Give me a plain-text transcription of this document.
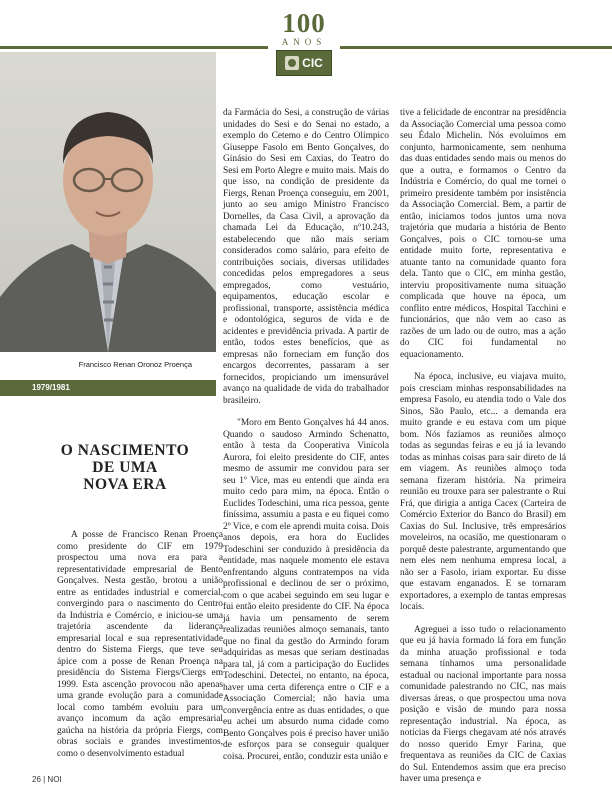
100
ANOS
CIC
Francisco Renan Oronoz Proença
1979/1981
O NASCIMENTO
DE UMA
NOVA ERA

A posse de Francisco Renan Proença como presidente do CIF em 1979 prospectou uma nova era para a representatividade empresarial de Bento Gonçalves. Nesta gestão, brotou a união entre as entidades industrial e comercial, convergindo para o nascimento do Centro da Indústria e Comércio, e iniciou-se uma trajetória ascendente da liderança empresarial local e sua representatividade dentro do Sistema Fiergs, que teve seu ápice com a posse de Renan Proença na presidência do Sistema Fiergs/Ciergs em 1999. Esta ascenção provocou não apenas uma grande evolução para a comunidade local como também evoluiu para um avanço incomum da ação empresarial gaúcha na história da própria Fiergs, com obras sociais e grandes investimentos, como o desenvolvimento estadual

da Farmácia do Sesi, a construção de várias unidades do Sesi e do Senai no estado, a exemplo do Cetemo e do Centro Olímpico Giuseppe Fasolo em Bento Gonçalves, do Ginásio do Sesi em Caxias, do Teatro do Sesi em Porto Alegre e muito mais. Mais do que isso, na condição de presidente da Fiergs, Renan Proença conseguiu, em 2001, junto ao seu amigo Ministro Francisco Dornelles, da Casa Civil, a aprovação da chamada Lei da Educação, nº10.243, estabelecendo que não mais seriam considerados como salário, para efeito de contribuições sociais, diversas utilidades concedidas pelos empregadores a seus empregados, como vestuário, equipamentos, educação escolar e profissional, transporte, assistência médica e odontológica, seguros de vida e de acidentes e previdência privada. A partir de então, todos estes benefícios, que as empresas não forneciam em função dos encargos decorrentes, passaram a ser fornecidos, propiciando um imensurável avanço na qualidade de vida do trabalhador brasileiro.

"Moro em Bento Gonçalves há 44 anos. Quando o saudoso Armindo Schenatto, então à testa da Cooperativa Vinícola Aurora, foi eleito presidente do CIF, antes mesmo de assumir me convidou para ser seu 1º Vice, mas eu entendi que ainda era muito cedo para mim, na época. Então o Euclides Todeschini, uma rica pessoa, gente finíssima, assumiu a pasta e eu fiquei como 2º Vice, e com ele aprendi muita coisa. Dois anos depois, era hora do Euclides Todeschini ser conduzido à presidência da entidade, mas naquele momento ele estava enfrentando alguns contratempos na vida profissional e declinou de ser o próximo, com o que acabei seguindo em seu lugar e fui então eleito presidente do CIF. Na época já havia um pensamento de serem realizadas reuniões almoço semanais, tanto que no final da gestão do Armindo foram adquiridas as mesas que seriam destinadas para tal, já com a participação do Euclides Todeschini. Detectei, no entanto, na época, haver uma certa diferença entre o CIF e a Associação Comercial; não havia uma convergência entre as duas entidades, o que eu achei um absurdo numa cidade como Bento Gonçalves pois é preciso haver união de esforços para se conseguir qualquer coisa. Procurei, então, conduzir esta união e

tive a felicidade de encontrar na presidência da Associação Comercial uma pessoa como seu Édalo Michelin. Nós evoluímos em conjunto, harmonicamente, sem nenhuma das duas entidades sendo mais ou menos do que a outra, e formamos o Centro da Indústria e Comércio, do qual me tornei o primeiro presidente também por insistência da Associação Comercial. Bem, a partir de então, iniciamos todos juntos uma nova trajetória que mudaria a história de Bento Gonçalves, pois o CIC tornou-se uma entidade muito forte, representativa e atuante tanto na comunidade quanto fora dela. Tanto que o CIC, em minha gestão, interviu propositivamente numa situação complicada que houve na época, um conflito entre médicos, Hospital Tacchini e funcionários, que não vem ao caso as razões de um lado ou de outro, mas a ação do CIC foi fundamental no equacionamento.

Na época, inclusive, eu viajava muito, pois cresciam minhas responsabilidades na empresa Fasolo, eu atendia todo o Vale dos Sinos, São Paulo, etc... a demanda era muito grande e eu estava com um pique bom. Nós fazíamos as reuniões almoço todas as segundas feiras e eu já ia levando todas as minhas coisas para sair direto de lá em viagem. As reuniões almoço toda semana fizeram história. Na primeira reunião eu trouxe para ser palestrante o Rui Frá, que dirigia a antiga Cacex (Carteira de Comércio Exterior do Banco do Brasil) em Caxias do Sul. Inclusive, três empresários moveleiros, na ocasião, me questionaram o porquê deste palestrante, argumentando que nem eles nem nenhuma empresa local, a não ser a Fasolo, iriam exportar. Eu disse que estavam enganados. E se tornaram exportadores, a exemplo de tantas empresas locais.

Agreguei a isso tudo o relacionamento que eu já havia formado lá fora em função da minha atuação profissional e toda semana tínhamos uma personalidade estadual ou nacional importante para nossa comunidade palestrando no CIC, nas mais diversas áreas, o que prospectou uma nova posição e visão de mundo para nossa representação industrial. Na época, as notícias da Fiergs chegavam até nós através do nosso querido Emyr Farina, que frequentava as reuniões da CIC de Caxias do Sul. Entendemos assim que era preciso haver uma presença e

26 | NOI
